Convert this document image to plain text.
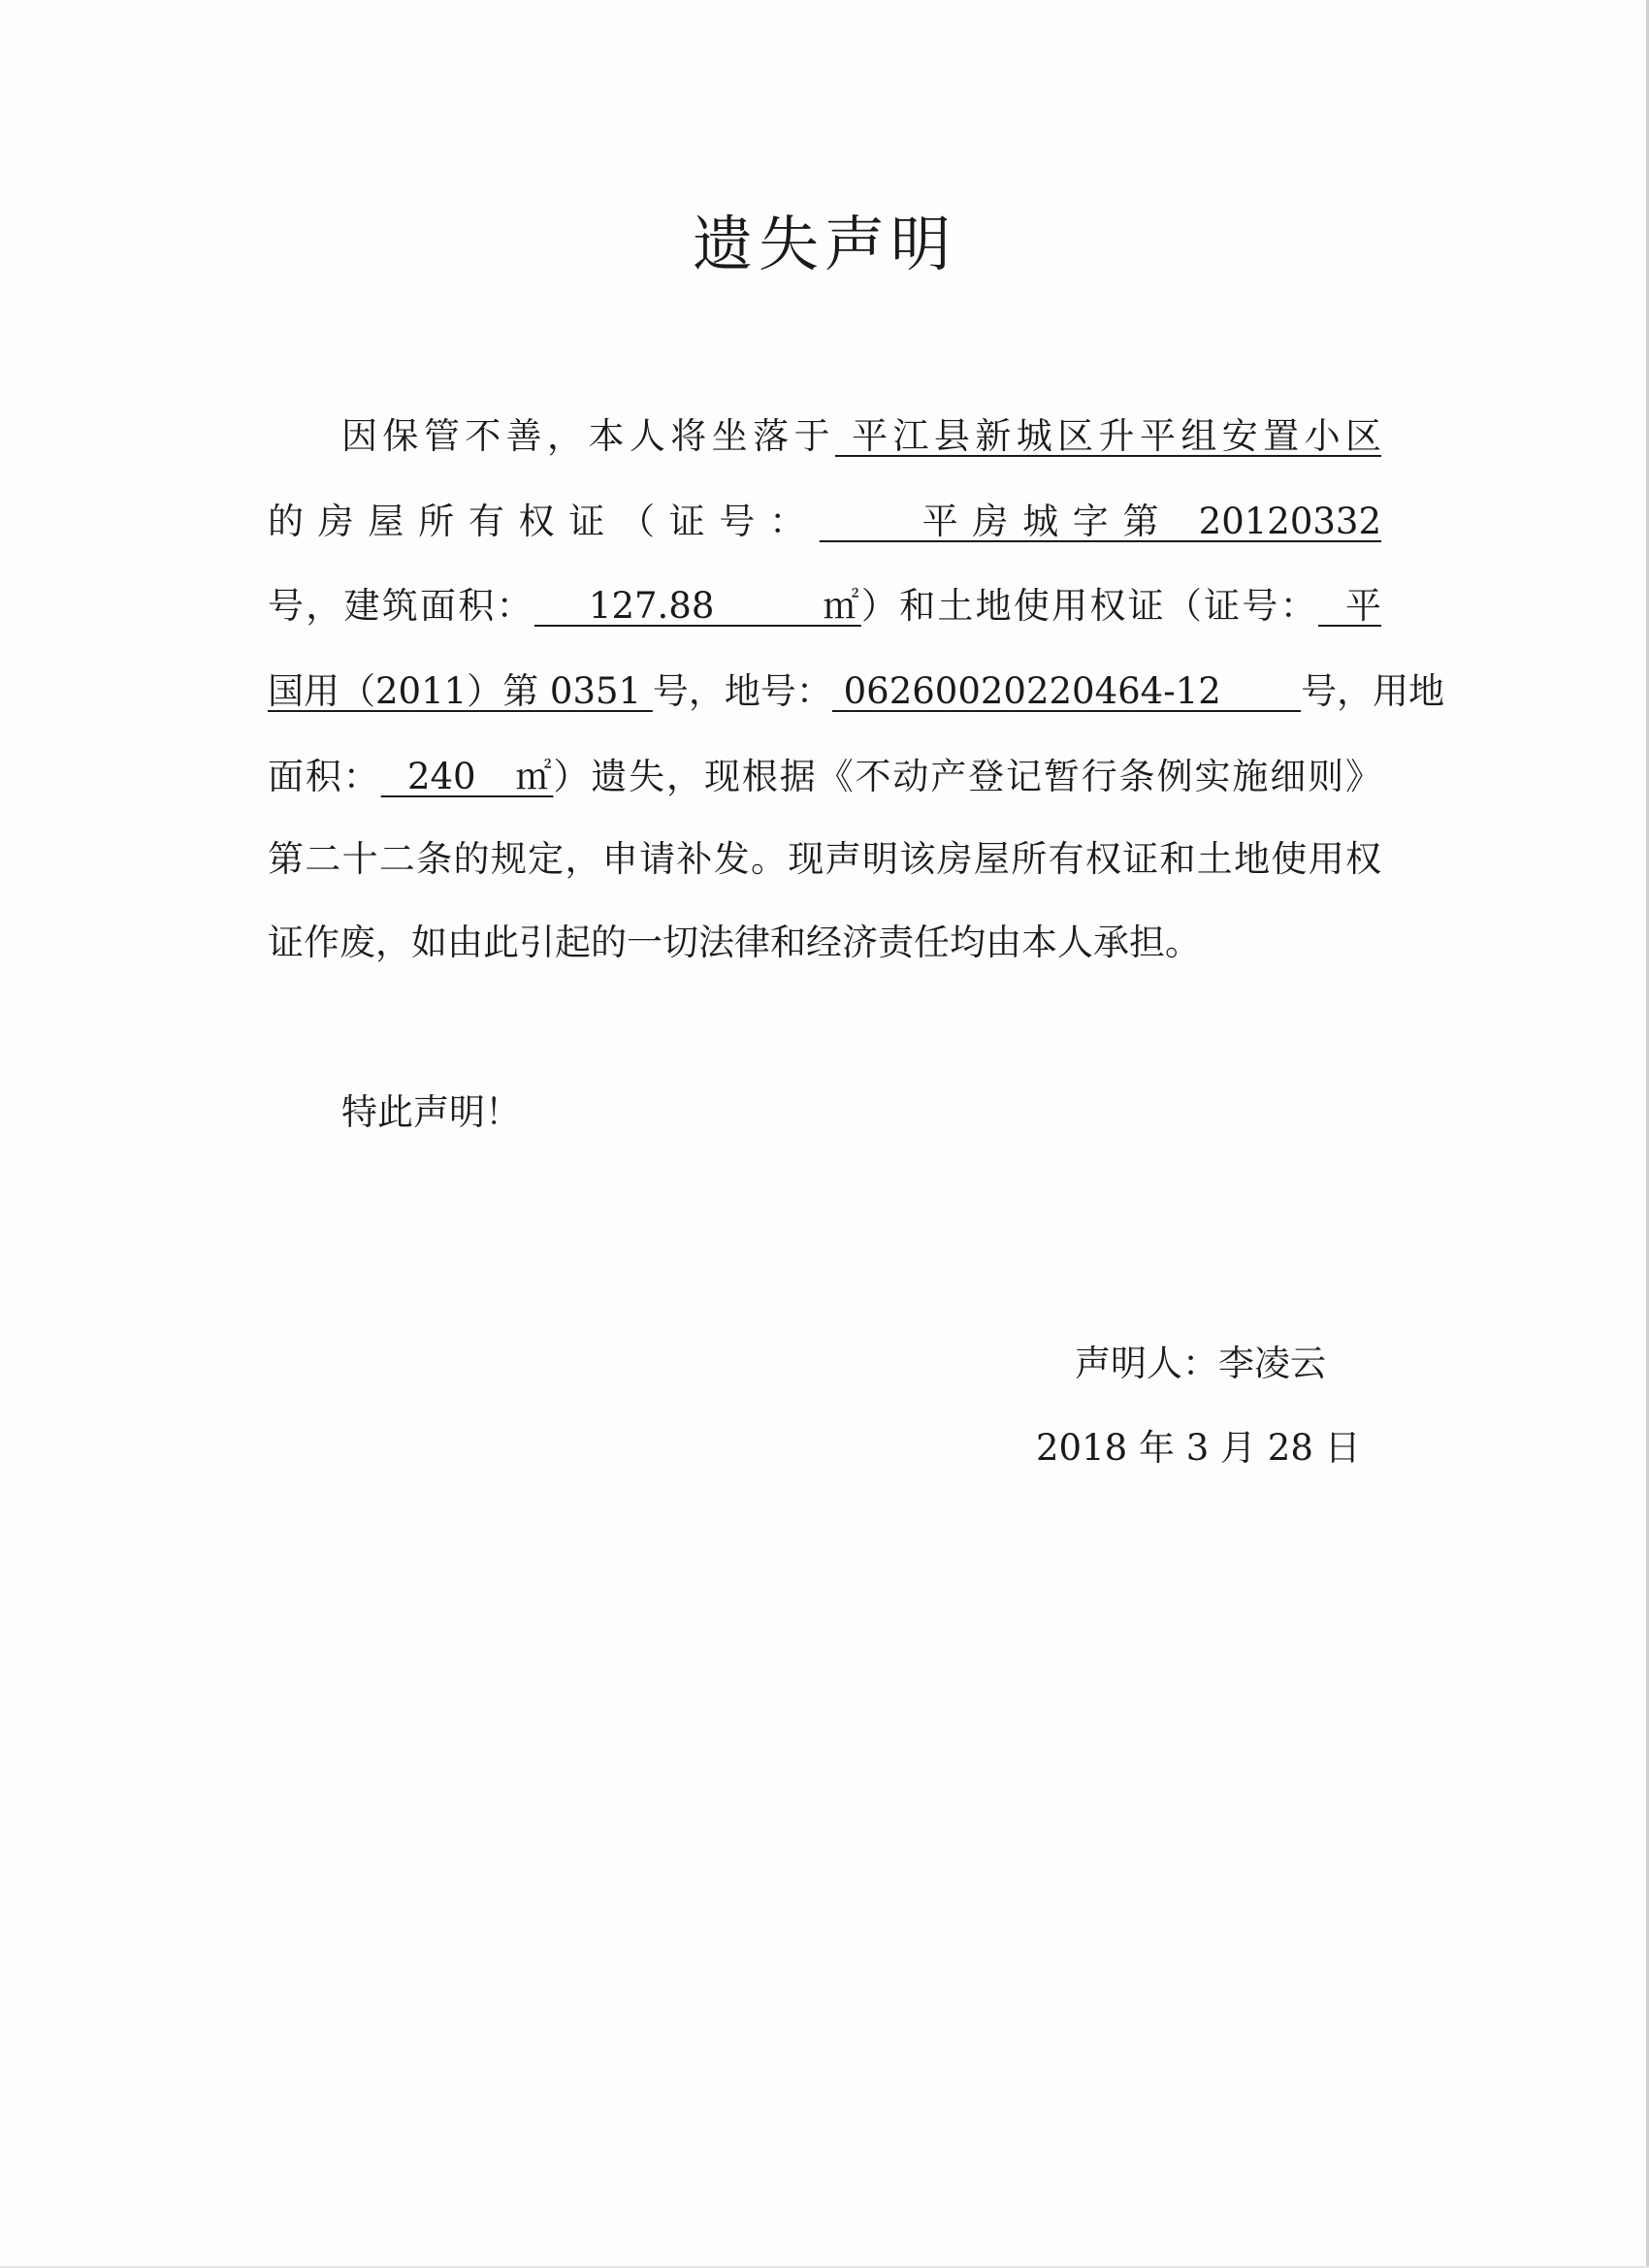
遗失声明
因保管不善，本人将坐落于 平江县新城区升平组安置小区
的房屋所有权证（证号：    平房城字第 20120332
号，建筑面积：    127.88        ㎡）和土地使用权证（证号：  平
国用（2011）第 0351 号，地号： 06260020220464-12       号，用地
面积：  240   ㎡）遗失，现根据《不动产登记暂行条例实施细则》
第二十二条的规定，申请补发。现声明该房屋所有权证和土地使用权
证作废，如由此引起的一切法律和经济责任均由本人承担。
特此声明！
声明人：李凌云
2018 年 3 月 28 日
